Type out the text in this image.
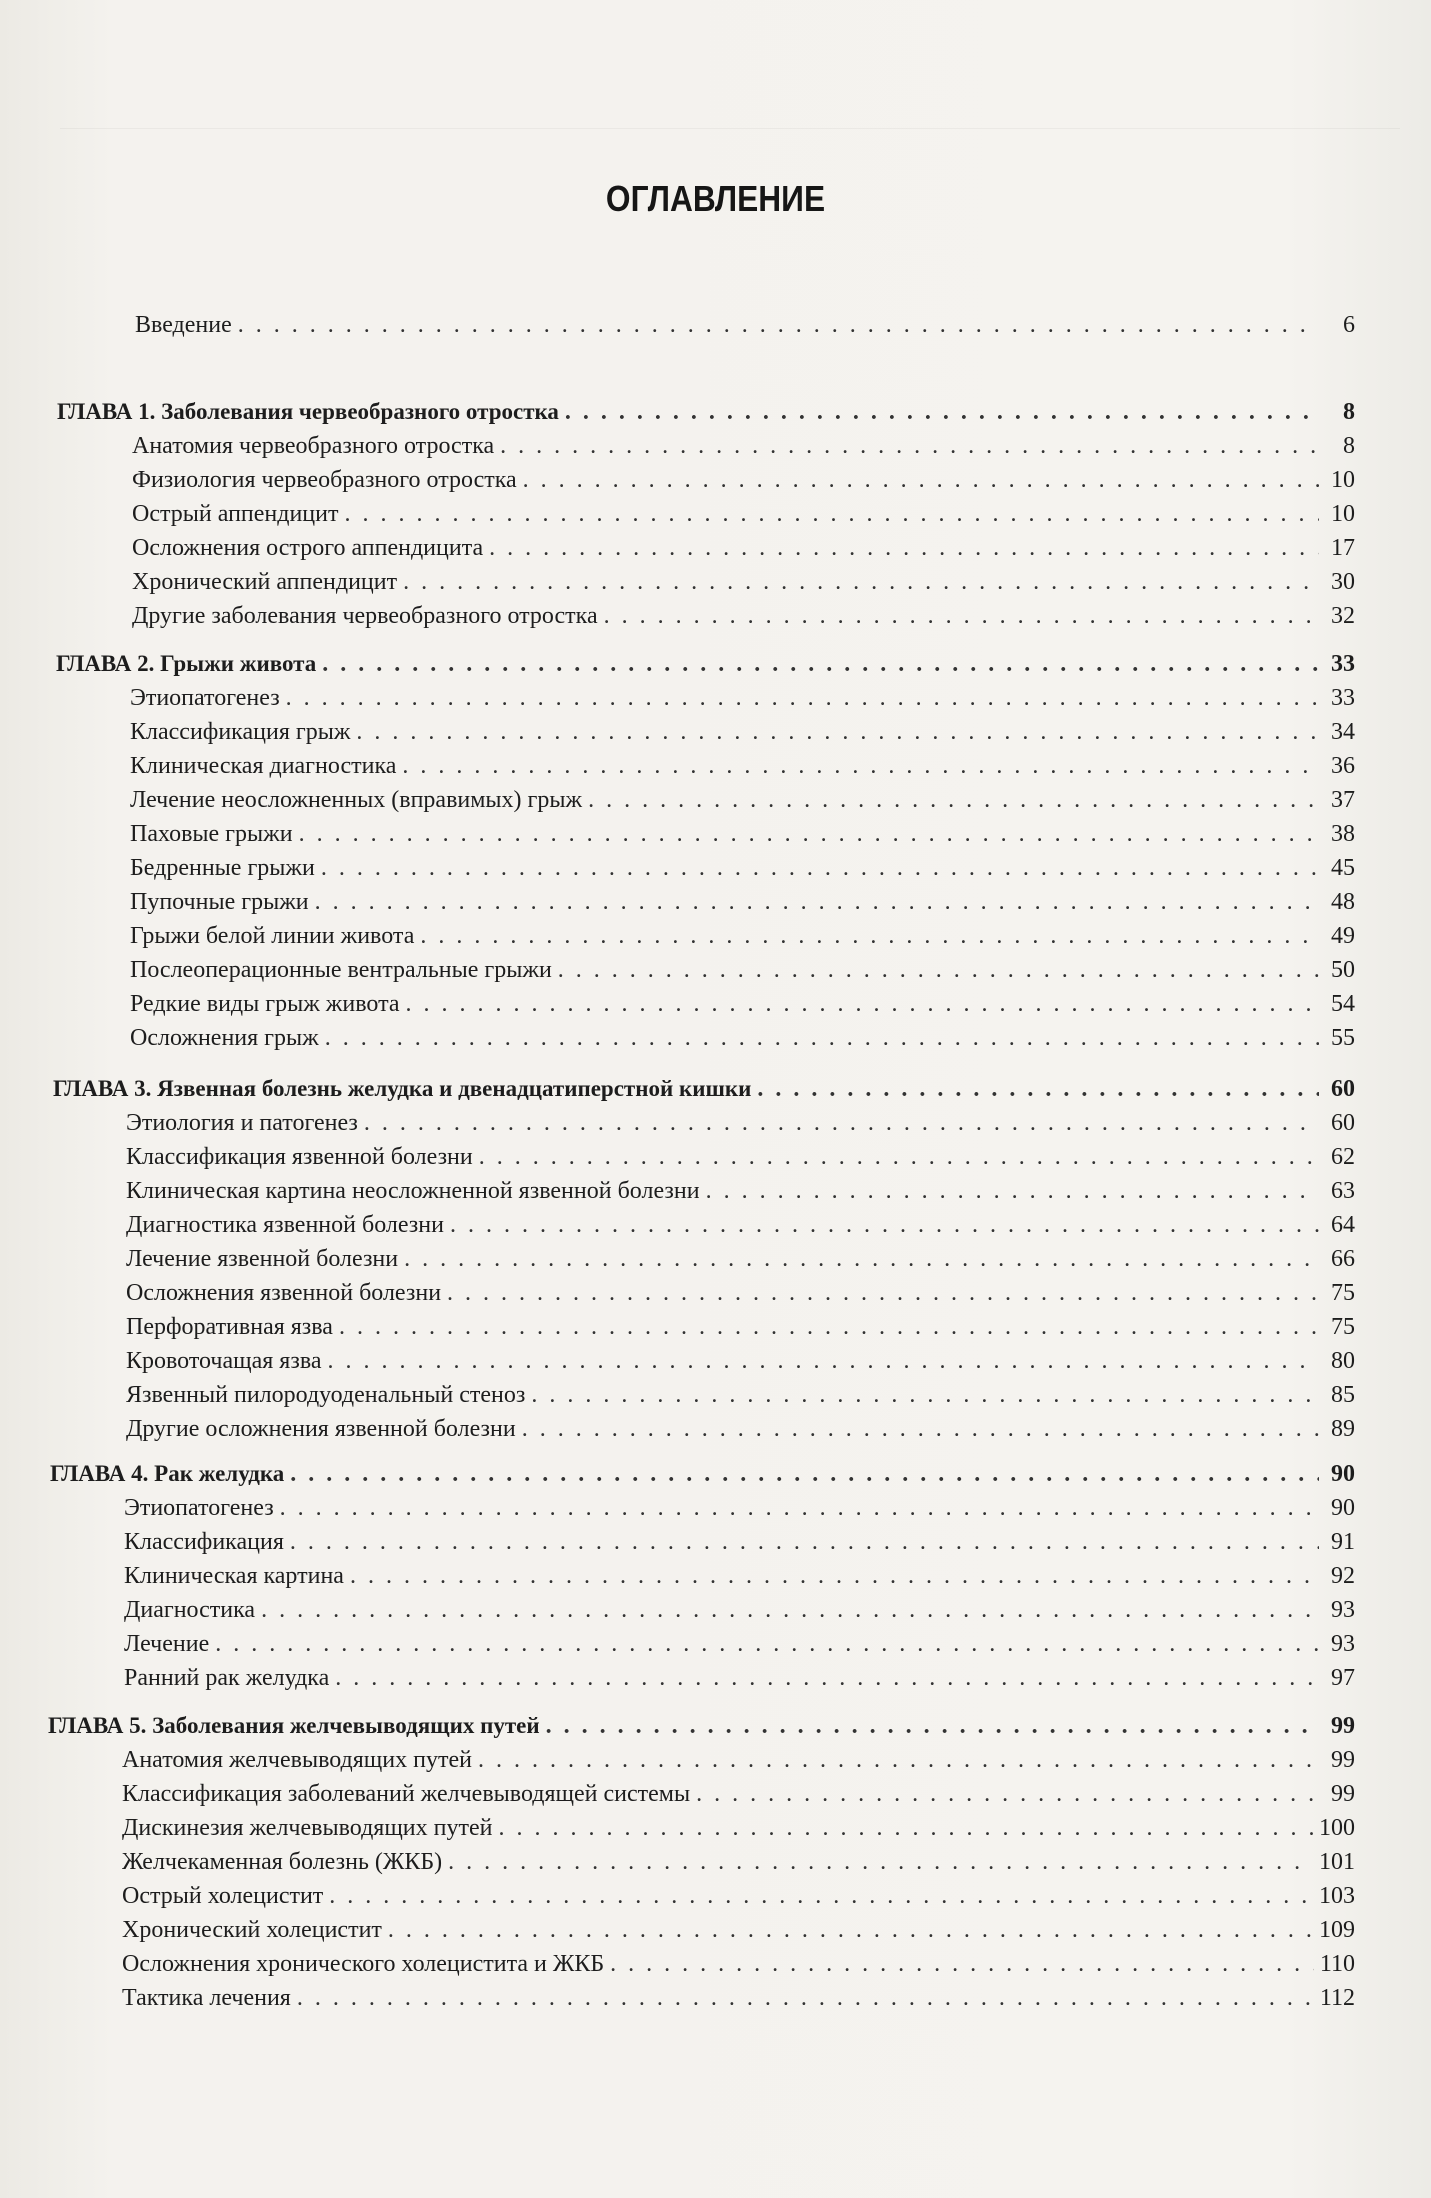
ОГЛАВЛЕНИЕ
Введение . . .	6
ГЛАВА 1. Заболевания червеобразного отростка . . .	8
Анатомия червеобразного отростка . . .	8
Физиология червеобразного отростка . . .	10
Острый аппендицит . . .	10
Осложнения острого аппендицита . . .	17
Хронический аппендицит . . .	30
Другие заболевания червеобразного отростка . . .	32
ГЛАВА 2. Грыжи живота . . .	33
Этиопатогенез . . .	33
Классификация грыж . . .	34
Клиническая диагностика . . .	36
Лечение неосложненных (вправимых) грыж . . .	37
Паховые грыжи . . .	38
Бедренные грыжи . . .	45
Пупочные грыжи . . .	48
Грыжи белой линии живота . . .	49
Послеоперационные вентральные грыжи . . .	50
Редкие виды грыж живота . . .	54
Осложнения грыж . . .	55
ГЛАВА 3. Язвенная болезнь желудка и двенадцатиперстной кишки . . .	60
Этиология и патогенез . . .	60
Классификация язвенной болезни . . .	62
Клиническая картина неосложненной язвенной болезни . . .	63
Диагностика язвенной болезни . . .	64
Лечение язвенной болезни . . .	66
Осложнения язвенной болезни . . .	75
Перфоративная язва . . .	75
Кровоточащая язва . . .	80
Язвенный пилородуоденальный стеноз . . .	85
Другие осложнения язвенной болезни . . .	89
ГЛАВА 4. Рак желудка . . .	90
Этиопатогенез . . .	90
Классификация . . .	91
Клиническая картина . . .	92
Диагностика . . .	93
Лечение . . .	93
Ранний рак желудка . . .	97
ГЛАВА 5. Заболевания желчевыводящих путей . . .	99
Анатомия желчевыводящих путей . . .	99
Классификация заболеваний желчевыводящей системы . . .	99
Дискинезия желчевыводящих путей . . .	100
Желчекаменная болезнь (ЖКБ) . . .	101
Острый холецистит . . .	103
Хронический холецистит . . .	109
Осложнения хронического холецистита и ЖКБ . . .	110
Тактика лечения . . .	112
